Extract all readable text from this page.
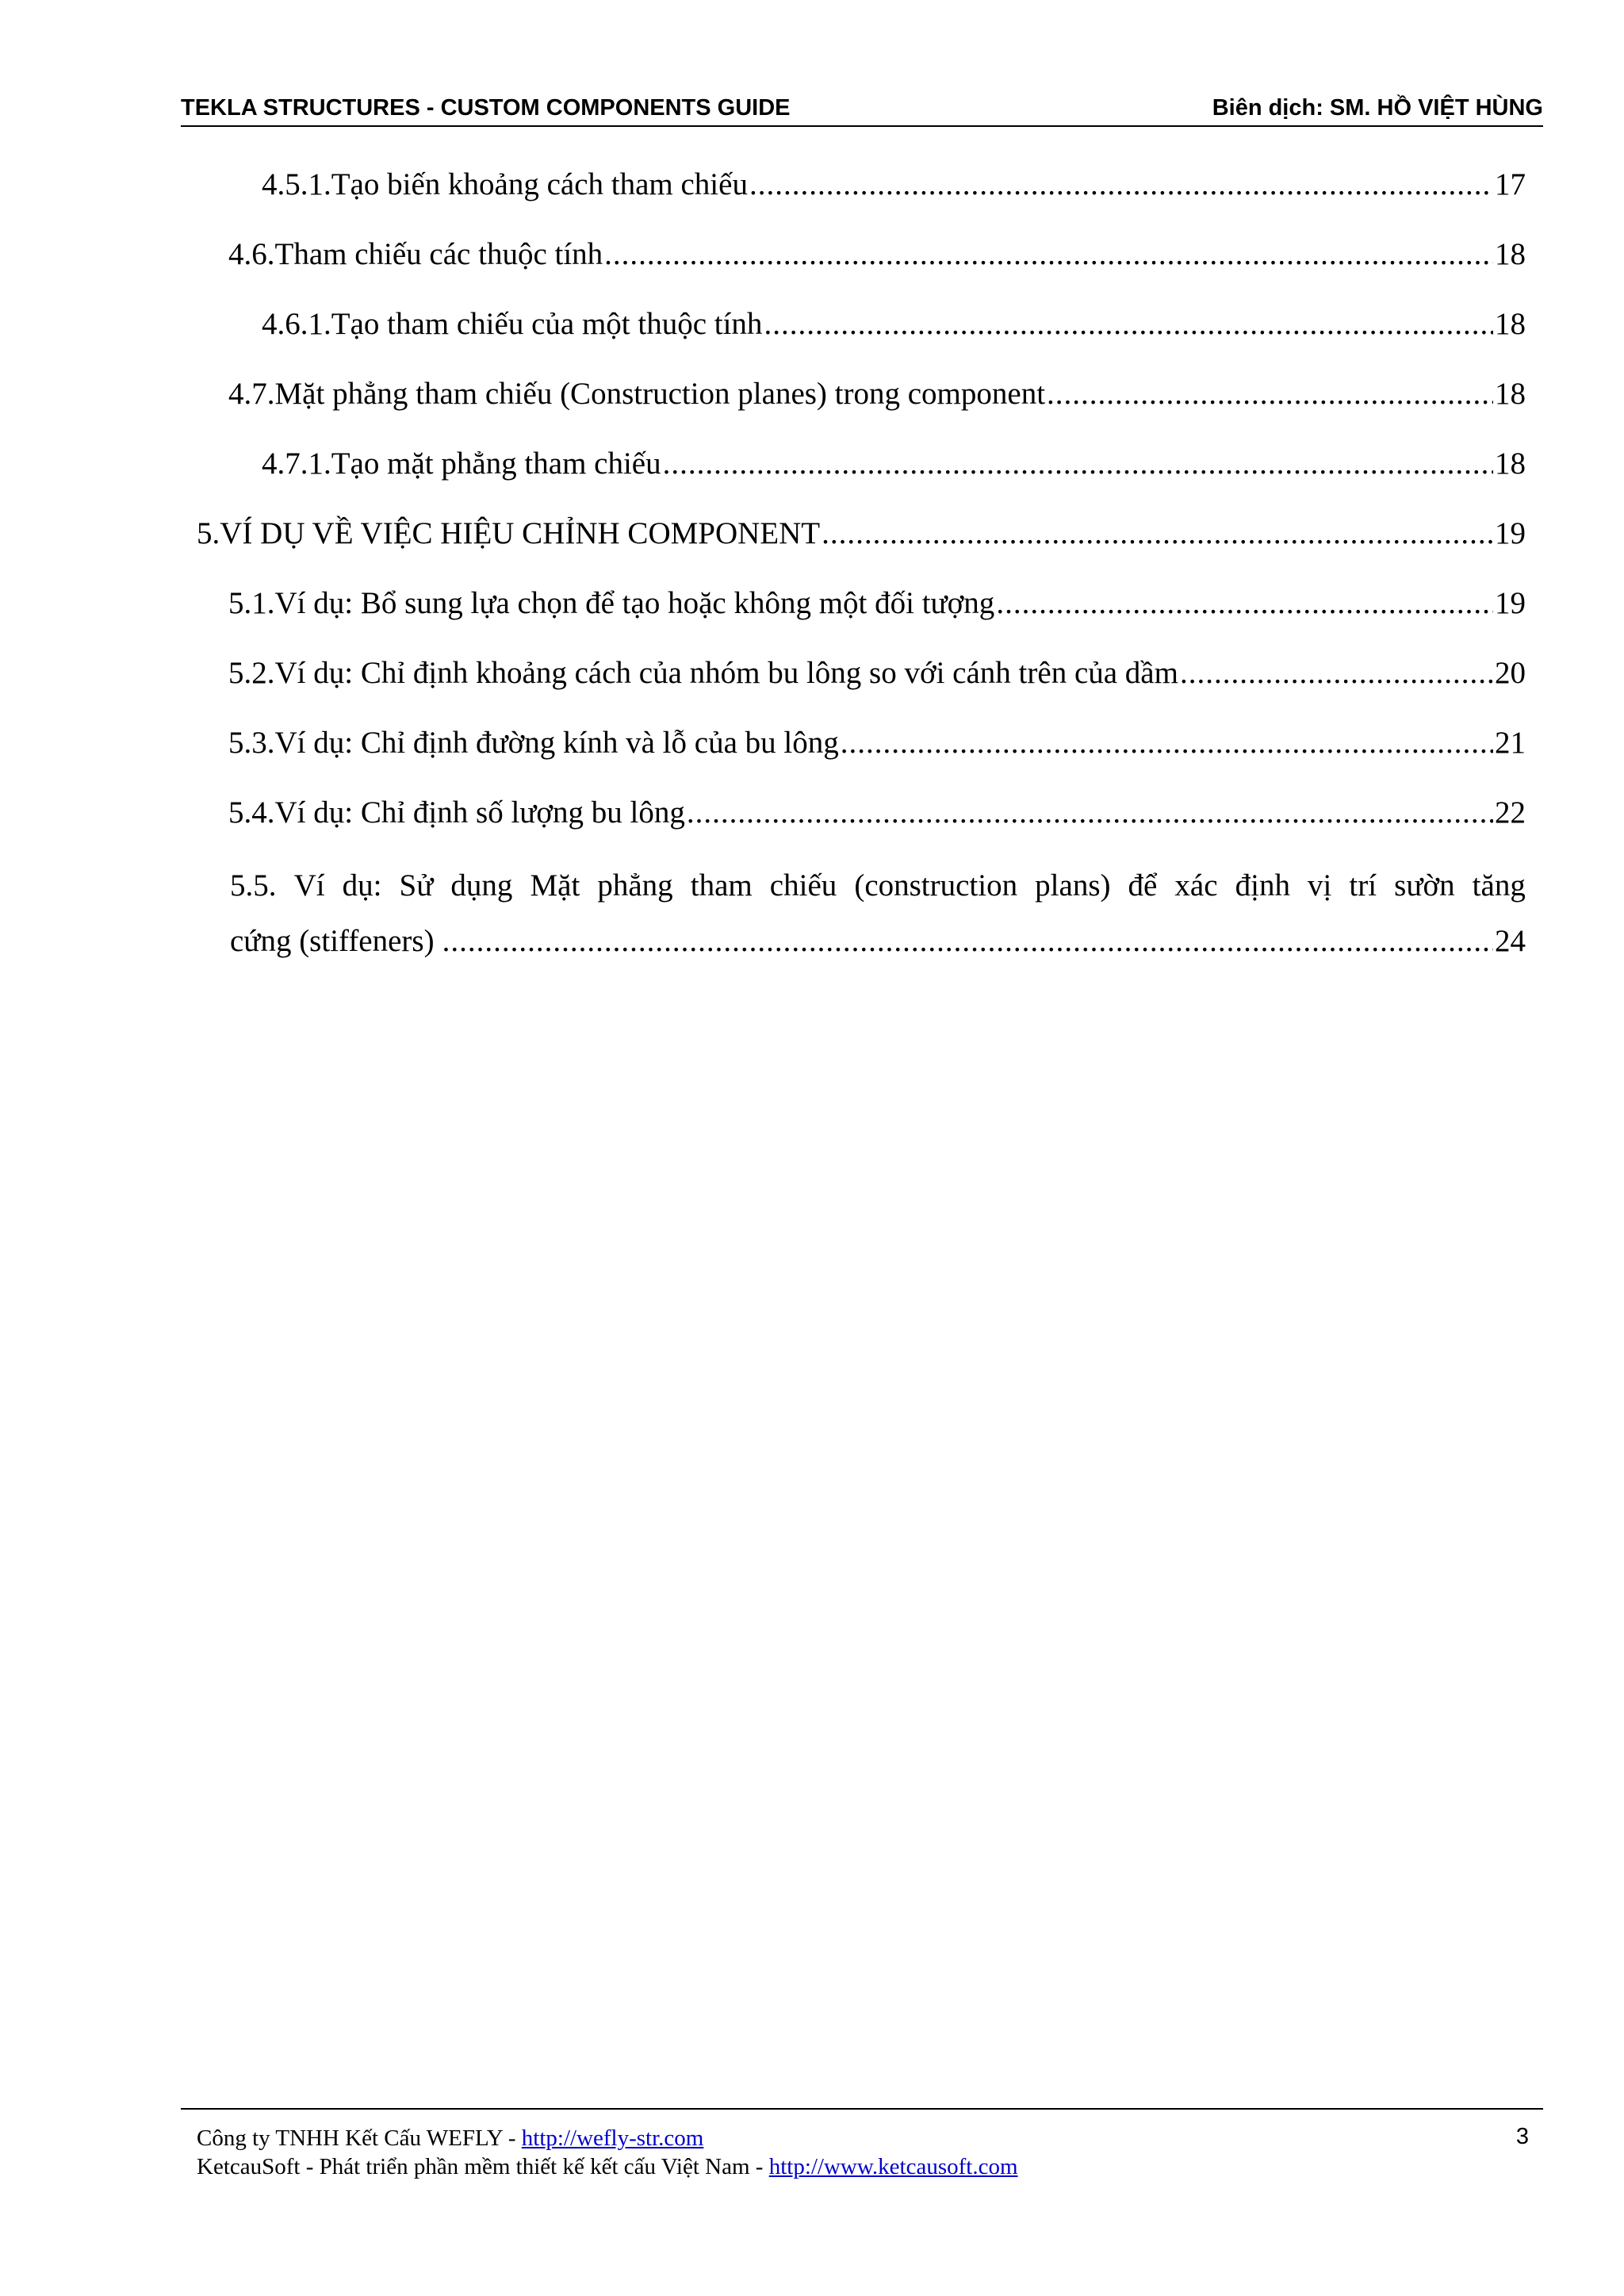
TEKLA STRUCTURES - CUSTOM COMPONENTS GUIDE	Biên dịch: SM. HỒ VIỆT HÙNG
4.5.1. Tạo biến khoảng cách tham chiếu .....	17
4.6. Tham chiếu các thuộc tính .....	18
4.6.1. Tạo tham chiếu của một thuộc tính .....	18
4.7. Mặt phẳng tham chiếu (Construction planes) trong component .....	18
4.7.1. Tạo mặt phẳng tham chiếu .....	18
5. VÍ DỤ VỀ VIỆC HIỆU CHỈNH COMPONENT .....	19
5.1. Ví dụ: Bổ sung lựa chọn để tạo hoặc không một đối tượng .....	19
5.2. Ví dụ: Chỉ định khoảng cách của nhóm bu lông so với cánh trên của dầm .....	20
5.3. Ví dụ: Chỉ định đường kính và lỗ của bu lông .....	21
5.4. Ví dụ: Chỉ định số lượng bu lông .....	22
5.5. Ví dụ: Sử dụng Mặt phẳng tham chiếu (construction plans) để xác định vị trí sườn tăng
cứng (stiffeners) .....	24
Công ty TNHH Kết Cấu WEFLY - http://wefly-str.com
KetcauSoft - Phát triển phần mềm thiết kế kết cấu Việt Nam - http://www.ketcausoft.com
3
